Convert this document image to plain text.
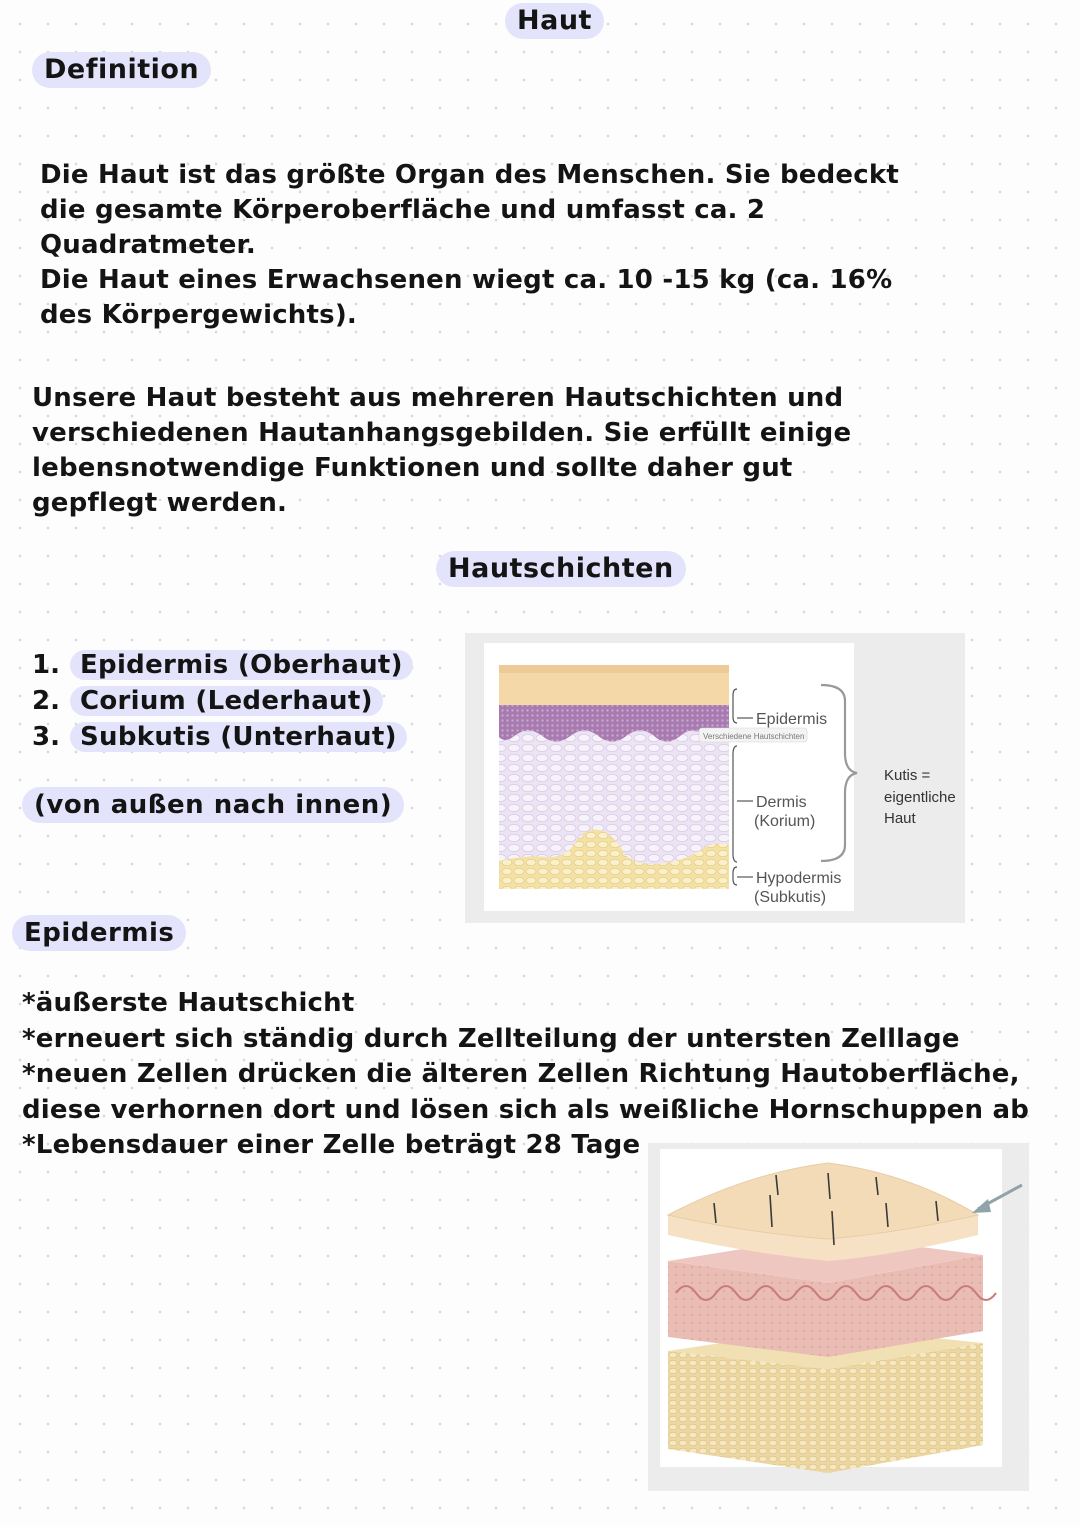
Haut
Definition
Die Haut ist das größte Organ des Menschen. Sie bedeckt
die gesamte Körperoberfläche und umfasst ca. 2
Quadratmeter.
Die Haut eines Erwachsenen wiegt ca. 10 -15 kg (ca. 16%
des Körpergewichts).
Unsere Haut besteht aus mehreren Hautschichten und
verschiedenen Hautanhangsgebilden. Sie erfüllt einige
lebensnotwendige Funktionen und sollte daher gut
gepflegt werden.
Hautschichten
1. Epidermis (Oberhaut)
2. Corium (Lederhaut)
3. Subkutis (Unterhaut)
(von außen nach innen)
Epidermis
Dermis
(Korium)
Hypodermis
(Subkutis)
Verschiedene Hautschichten
Kutis =
eigentliche
Haut
Epidermis
*äußerste Hautschicht
*erneuert sich ständig durch Zellteilung der untersten Zelllage
*neuen Zellen drücken die älteren Zellen Richtung Hautoberfläche,
diese verhornen dort und lösen sich als weißliche Hornschuppen ab
*Lebensdauer einer Zelle beträgt 28 Tage
